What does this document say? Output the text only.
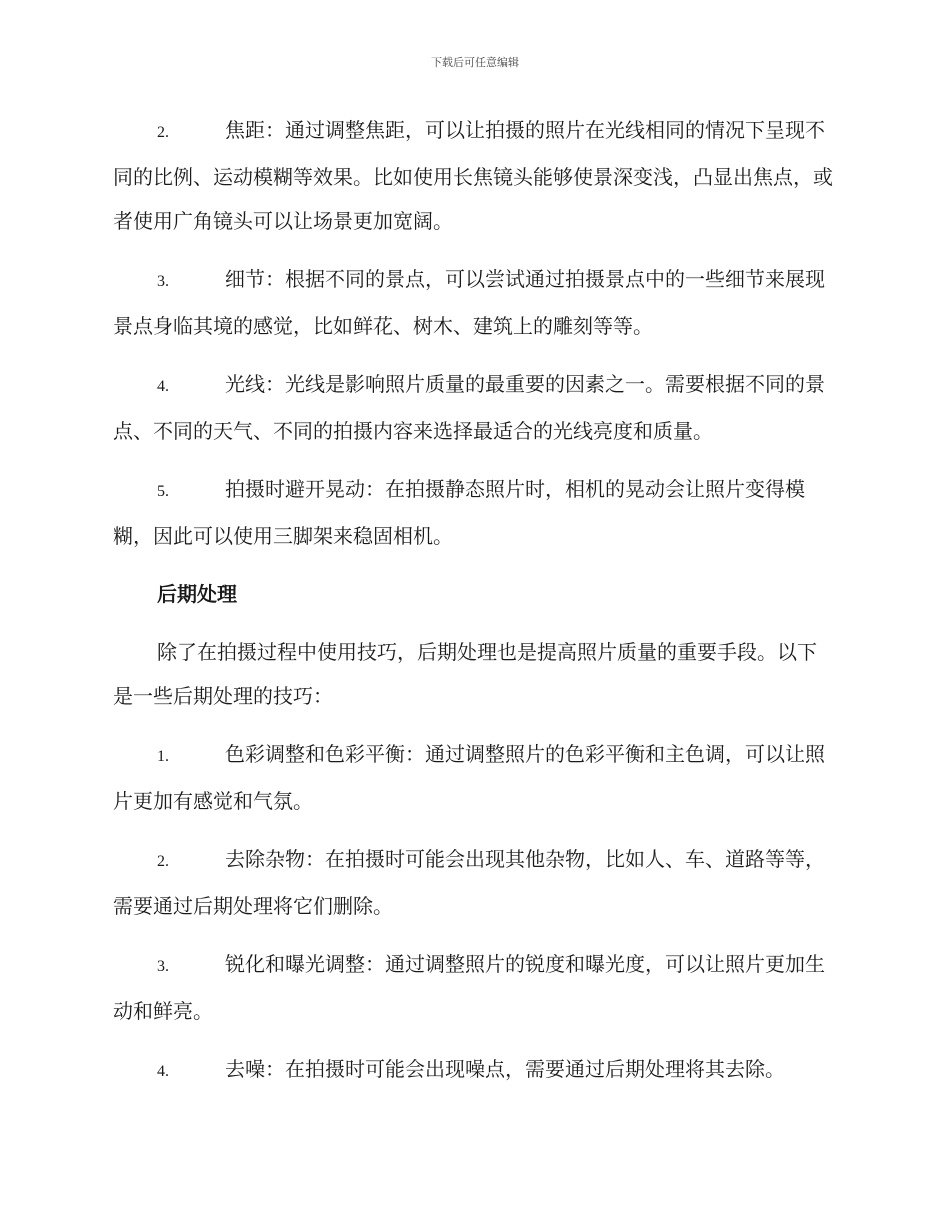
下载后可任意编辑
2.	焦距：通过调整焦距，可以让拍摄的照片在光线相同的情况下呈现不同的比例、运动模糊等效果。比如使用长焦镜头能够使景深变浅，凸显出焦点，或者使用广角镜头可以让场景更加宽阔。
3.	细节：根据不同的景点，可以尝试通过拍摄景点中的一些细节来展现景点身临其境的感觉，比如鲜花、树木、建筑上的雕刻等等。
4.	光线：光线是影响照片质量的最重要的因素之一。需要根据不同的景点、不同的天气、不同的拍摄内容来选择最适合的光线亮度和质量。
5.	拍摄时避开晃动：在拍摄静态照片时，相机的晃动会让照片变得模糊，因此可以使用三脚架来稳固相机。
后期处理
除了在拍摄过程中使用技巧，后期处理也是提高照片质量的重要手段。以下是一些后期处理的技巧：
1.	色彩调整和色彩平衡：通过调整照片的色彩平衡和主色调，可以让照片更加有感觉和气氛。
2.	去除杂物：在拍摄时可能会出现其他杂物，比如人、车、道路等等，需要通过后期处理将它们删除。
3.	锐化和曝光调整：通过调整照片的锐度和曝光度，可以让照片更加生动和鲜亮。
4.	去噪：在拍摄时可能会出现噪点，需要通过后期处理将其去除。
